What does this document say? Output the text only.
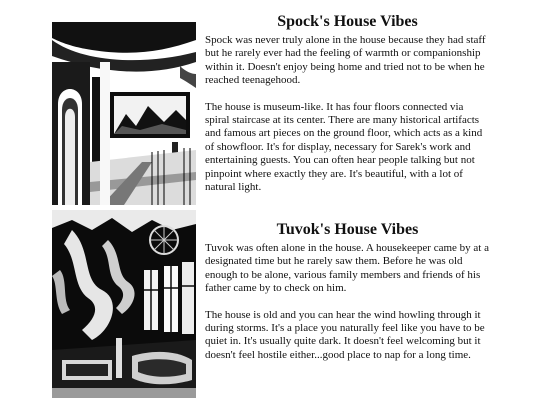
Spock's House Vibes

Spock was never truly alone in the house because they had staff but he rarely ever had the feeling of warmth or companionship within it. Doesn't enjoy being home and tried not to be when he reached teenagehood.

The house is museum-like. It has four floors connected via spiral staircase at its center. There are many historical artifacts and famous art pieces on the ground floor, which acts as a kind of showfloor. It's for display, necessary for Sarek's work and entertaining guests. You can often hear people talking but not pinpoint where exactly they are. It's beautiful, with a lot of natural light.

Tuvok's House Vibes

Tuvok was often alone in the house. A housekeeper came by at a designated time but he rarely saw them. Before he was old enough to be alone, various family members and friends of his father came by to check on him.

The house is old and you can hear the wind howling through it during storms. It's a place you naturally feel like you have to be quiet in. It's usually quite dark. It doesn't feel welcoming but it doesn't feel hostile either...good place to nap for a long time.
